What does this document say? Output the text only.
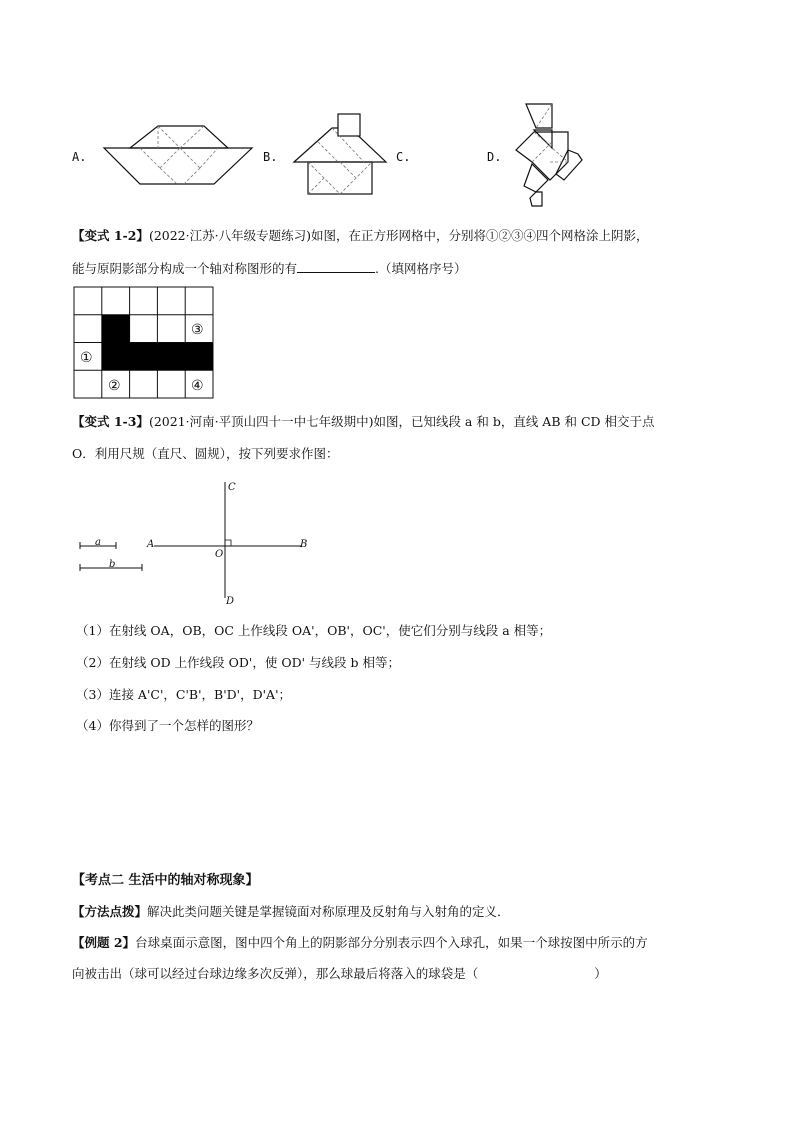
A.	B.	C.	D.
【变式 1-2】(2022·江苏·八年级专题练习)如图，在正方形网格中，分别将①②③④四个网格涂上阴影，
能与原阴影部分构成一个轴对称图形的有	.（填网格序号）
①
②
③
④
【变式 1-3】(2021·河南·平顶山四十一中七年级期中)如图，已知线段 a 和 b，直线 AB 和 CD 相交于点
O．利用尺规（直尺、圆规），按下列要求作图：
a
b
A	B
C
D
O
（1）在射线 OA，OB，OC 上作线段 OA'，OB'，OC'，使它们分别与线段 a 相等；
（2）在射线 OD 上作线段 OD'，使 OD' 与线段 b 相等；
（3）连接 A'C'，C'B'，B'D'，D'A'；
（4）你得到了一个怎样的图形？
【考点二 生活中的轴对称现象】
【方法点拨】解决此类问题关键是掌握镜面对称原理及反射角与入射角的定义．
【例题 2】台球桌面示意图，图中四个角上的阴影部分分别表示四个入球孔，如果一个球按图中所示的方
向被击出（球可以经过台球边缘多次反弹），那么球最后将落入的球袋是（	）
